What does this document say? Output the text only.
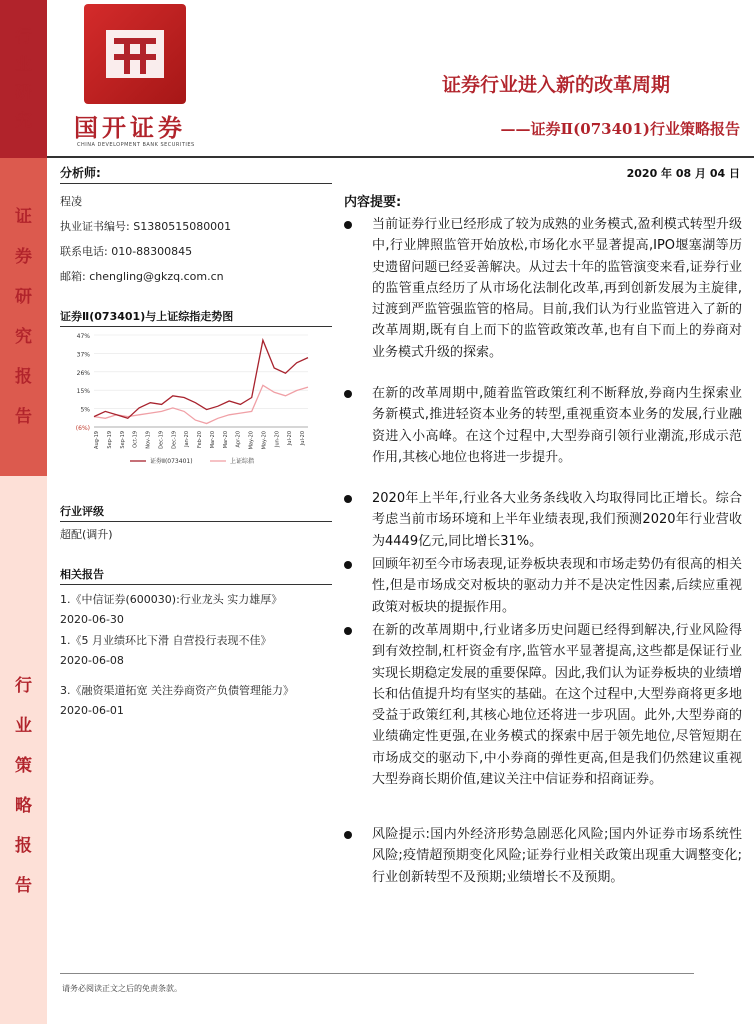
行
业
研
究
证
券
研
究
报
告
行
业
策
略
报
告
国开证券
CHINA DEVELOPMENT BANK SECURITIES
证券行业进入新的改革周期
——证券Ⅱ(073401)行业策略报告
分析师:
程凌
执业证书编号: S1380515080001
联系电话: 010-88300845
邮箱: chengling@gkzq.com.cn
证券Ⅱ(073401)与上证综指走势图
47%
37%
26%
15%
5%
(6%)
Aug-19 Sep-19 Sep-19 Oct-19 Nov-19 Dec-19 Dec-19 Jan-20 Feb-20 Mar-20 Mar-20 Apr-20 May-20 May-20 Jun-20 Jul-20 Jul-20
证券Ⅱ(073401)	上证综指
行业评级
超配(调升)
相关报告
1.《中信证券(600030):行业龙头 实力雄厚》
2020-06-30
1.《5 月业绩环比下滑 自营投行表现不佳》
2020-06-08
3.《融资渠道拓宽 关注券商资产负债管理能力》2020-06-01
2020 年 08 月 04 日
内容提要:
当前证券行业已经形成了较为成熟的业务模式,盈利模式转型升级中,行业牌照监管开始放松,市场化水平显著提高,IPO堰塞湖等历史遗留问题已经妥善解决。从过去十年的监管演变来看,证券行业的监管重点经历了从市场化法制化改革,再到创新发展为主旋律,过渡到严监管强监管的格局。目前,我们认为行业监管进入了新的改革周期,既有自上而下的监管政策改革,也有自下而上的券商对业务模式升级的探索。
在新的改革周期中,随着监管政策红利不断释放,券商内生探索业务新模式,推进轻资本业务的转型,重视重资本业务的发展,行业融资进入小高峰。在这个过程中,大型券商引领行业潮流,形成示范作用,其核心地位也将进一步提升。
2020年上半年,行业各大业务条线收入均取得同比正增长。综合考虑当前市场环境和上半年业绩表现,我们预测2020年行业营收为4449亿元,同比增长31%。
回顾年初至今市场表现,证券板块表现和市场走势仍有很高的相关性,但是市场成交对板块的驱动力并不是决定性因素,后续应重视政策对板块的提振作用。
在新的改革周期中,行业诸多历史问题已经得到解决,行业风险得到有效控制,杠杆资金有序,监管水平显著提高,这些都是保证行业实现长期稳定发展的重要保障。因此,我们认为证券板块的业绩增长和估值提升均有坚实的基础。在这个过程中,大型券商将更多地受益于政策红利,其核心地位还将进一步巩固。此外,大型券商的业绩确定性更强,在业务模式的探索中居于领先地位,尽管短期在市场成交的驱动下,中小券商的弹性更高,但是我们仍然建议重视大型券商长期价值,建议关注中信证券和招商证券。
风险提示:国内外经济形势急剧恶化风险;国内外证券市场系统性风险;疫情超预期变化风险;证券行业相关政策出现重大调整变化;行业创新转型不及预期;业绩增长不及预期。
请务必阅读正文之后的免责条款。
